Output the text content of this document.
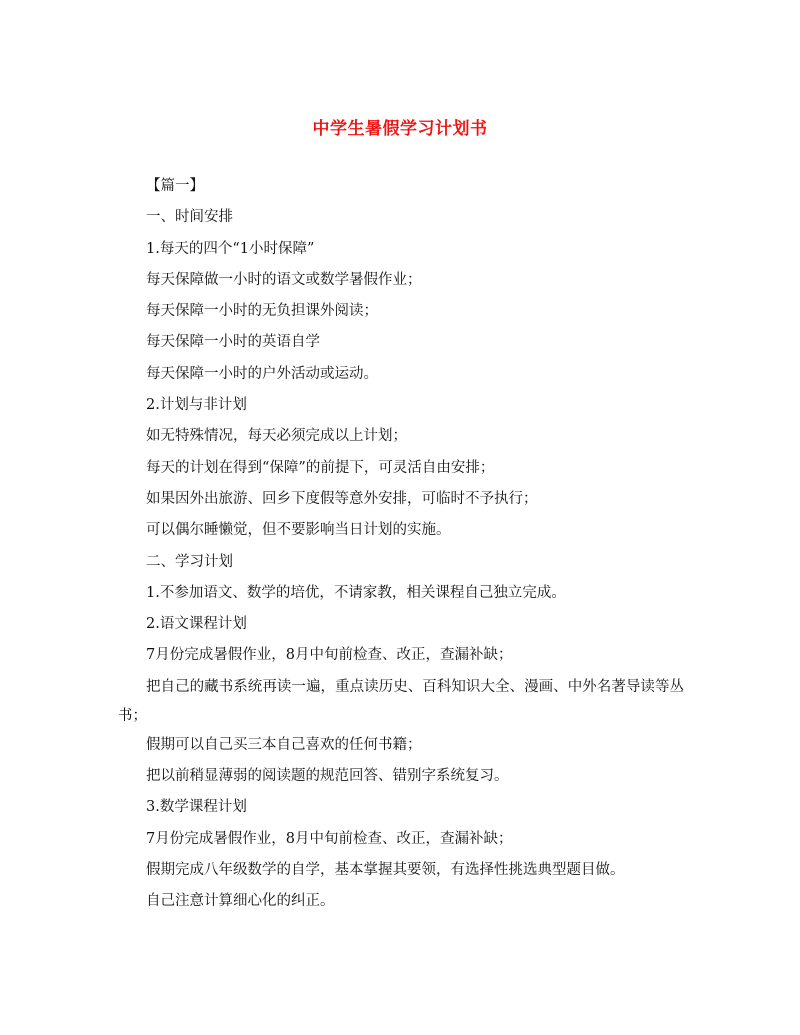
中学生暑假学习计划书

【篇一】

一、时间安排

1.每天的四个“1小时保障”

每天保障做一小时的语文或数学暑假作业；

每天保障一小时的无负担课外阅读；

每天保障一小时的英语自学

每天保障一小时的户外活动或运动。

2.计划与非计划

如无特殊情况，每天必须完成以上计划；

每天的计划在得到“保障”的前提下，可灵活自由安排；

如果因外出旅游、回乡下度假等意外安排，可临时不予执行；

可以偶尔睡懒觉，但不要影响当日计划的实施。

二、学习计划

1.不参加语文、数学的培优，不请家教，相关课程自己独立完成。

2.语文课程计划

7月份完成暑假作业，8月中旬前检查、改正，查漏补缺；

把自己的藏书系统再读一遍，重点读历史、百科知识大全、漫画、中外名著导读等丛书；

假期可以自己买三本自己喜欢的任何书籍；

把以前稍显薄弱的阅读题的规范回答、错别字系统复习。

3.数学课程计划

7月份完成暑假作业，8月中旬前检查、改正，查漏补缺；

假期完成八年级数学的自学，基本掌握其要领，有选择性挑选典型题目做。

自己注意计算细心化的纠正。
